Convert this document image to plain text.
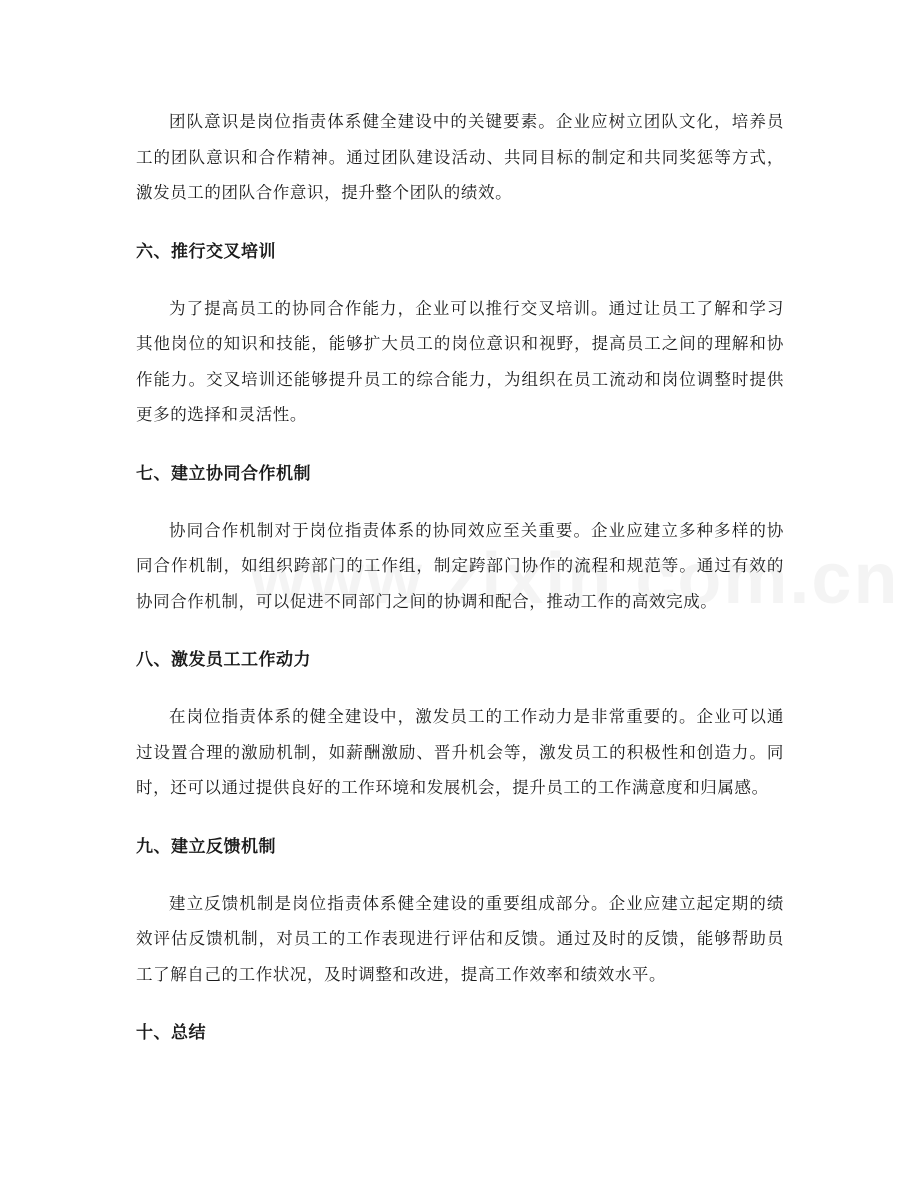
团队意识是岗位指责体系健全建设中的关键要素。企业应树立团队文化，培养员工的团队意识和合作精神。通过团队建设活动、共同目标的制定和共同奖惩等方式，激发员工的团队合作意识，提升整个团队的绩效。

六、推行交叉培训

为了提高员工的协同合作能力，企业可以推行交叉培训。通过让员工了解和学习其他岗位的知识和技能，能够扩大员工的岗位意识和视野，提高员工之间的理解和协作能力。交叉培训还能够提升员工的综合能力，为组织在员工流动和岗位调整时提供更多的选择和灵活性。

七、建立协同合作机制

协同合作机制对于岗位指责体系的协同效应至关重要。企业应建立多种多样的协同合作机制，如组织跨部门的工作组，制定跨部门协作的流程和规范等。通过有效的协同合作机制，可以促进不同部门之间的协调和配合，推动工作的高效完成。

八、激发员工工作动力

在岗位指责体系的健全建设中，激发员工的工作动力是非常重要的。企业可以通过设置合理的激励机制，如薪酬激励、晋升机会等，激发员工的积极性和创造力。同时，还可以通过提供良好的工作环境和发展机会，提升员工的工作满意度和归属感。

九、建立反馈机制

建立反馈机制是岗位指责体系健全建设的重要组成部分。企业应建立起定期的绩效评估反馈机制，对员工的工作表现进行评估和反馈。通过及时的反馈，能够帮助员工了解自己的工作状况，及时调整和改进，提高工作效率和绩效水平。

十、总结
